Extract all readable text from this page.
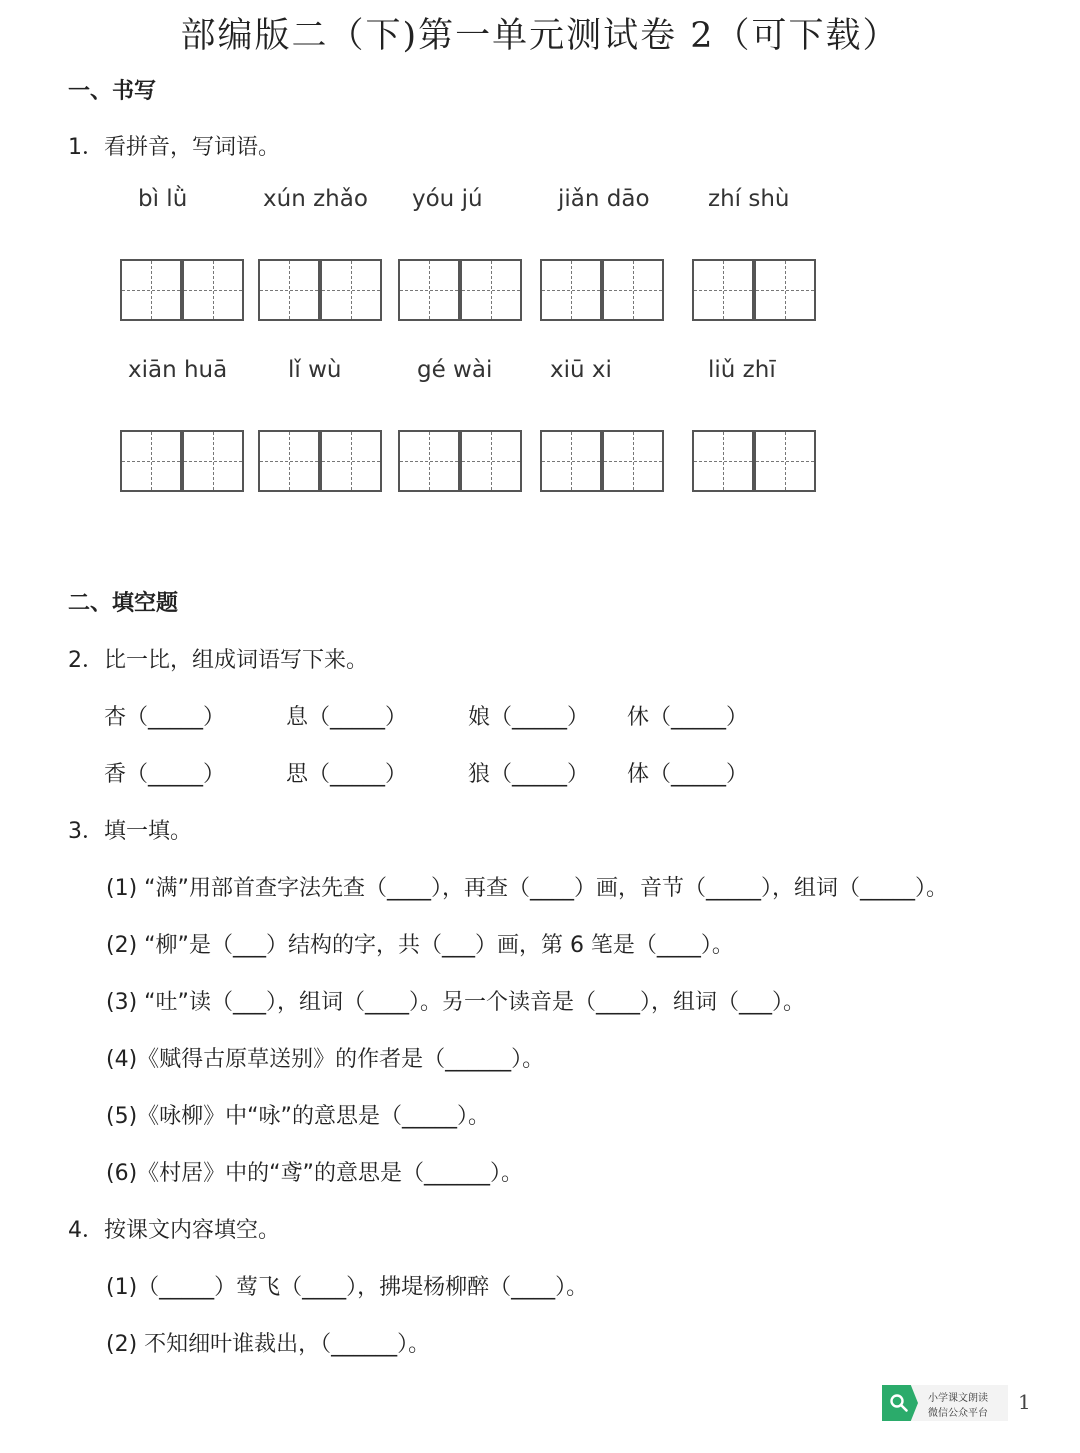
部编版二（下)第一单元测试卷 2（可下载）
一、书写
1．看拼音，写词语。
bì lǜ	xún zhǎo yóu jú	jiǎn dāo	zhí shù
xiān huā	lǐ wù	gé wài	xiū xi	liǔ zhī
二、填空题
2．比一比，组成词语写下来。
杏（_____）	息（_____）	娘（_____） 休（_____）
香（_____）	思（_____）	狼（_____） 体（_____）
3．填一填。
(1) “满”用部首查字法先查（____），再查（____）画，音节（_____），组词（_____）。
(2) “柳”是（___）结构的字，共（___）画，第 6 笔是（____）。
(3) “吐”读（___），组词（____）。另一个读音是（____），组词（___）。
(4)《赋得古原草送别》的作者是（______）。
(5)《咏柳》中“咏”的意思是（_____）。
(6)《村居》中的“鸢”的意思是（______）。
4．按课文内容填空。
(1)（_____）莺飞（____），拂堤杨柳醉（____）。
(2) 不知细叶谁裁出，（______）。
小学课文朗读
微信公众平台 1
